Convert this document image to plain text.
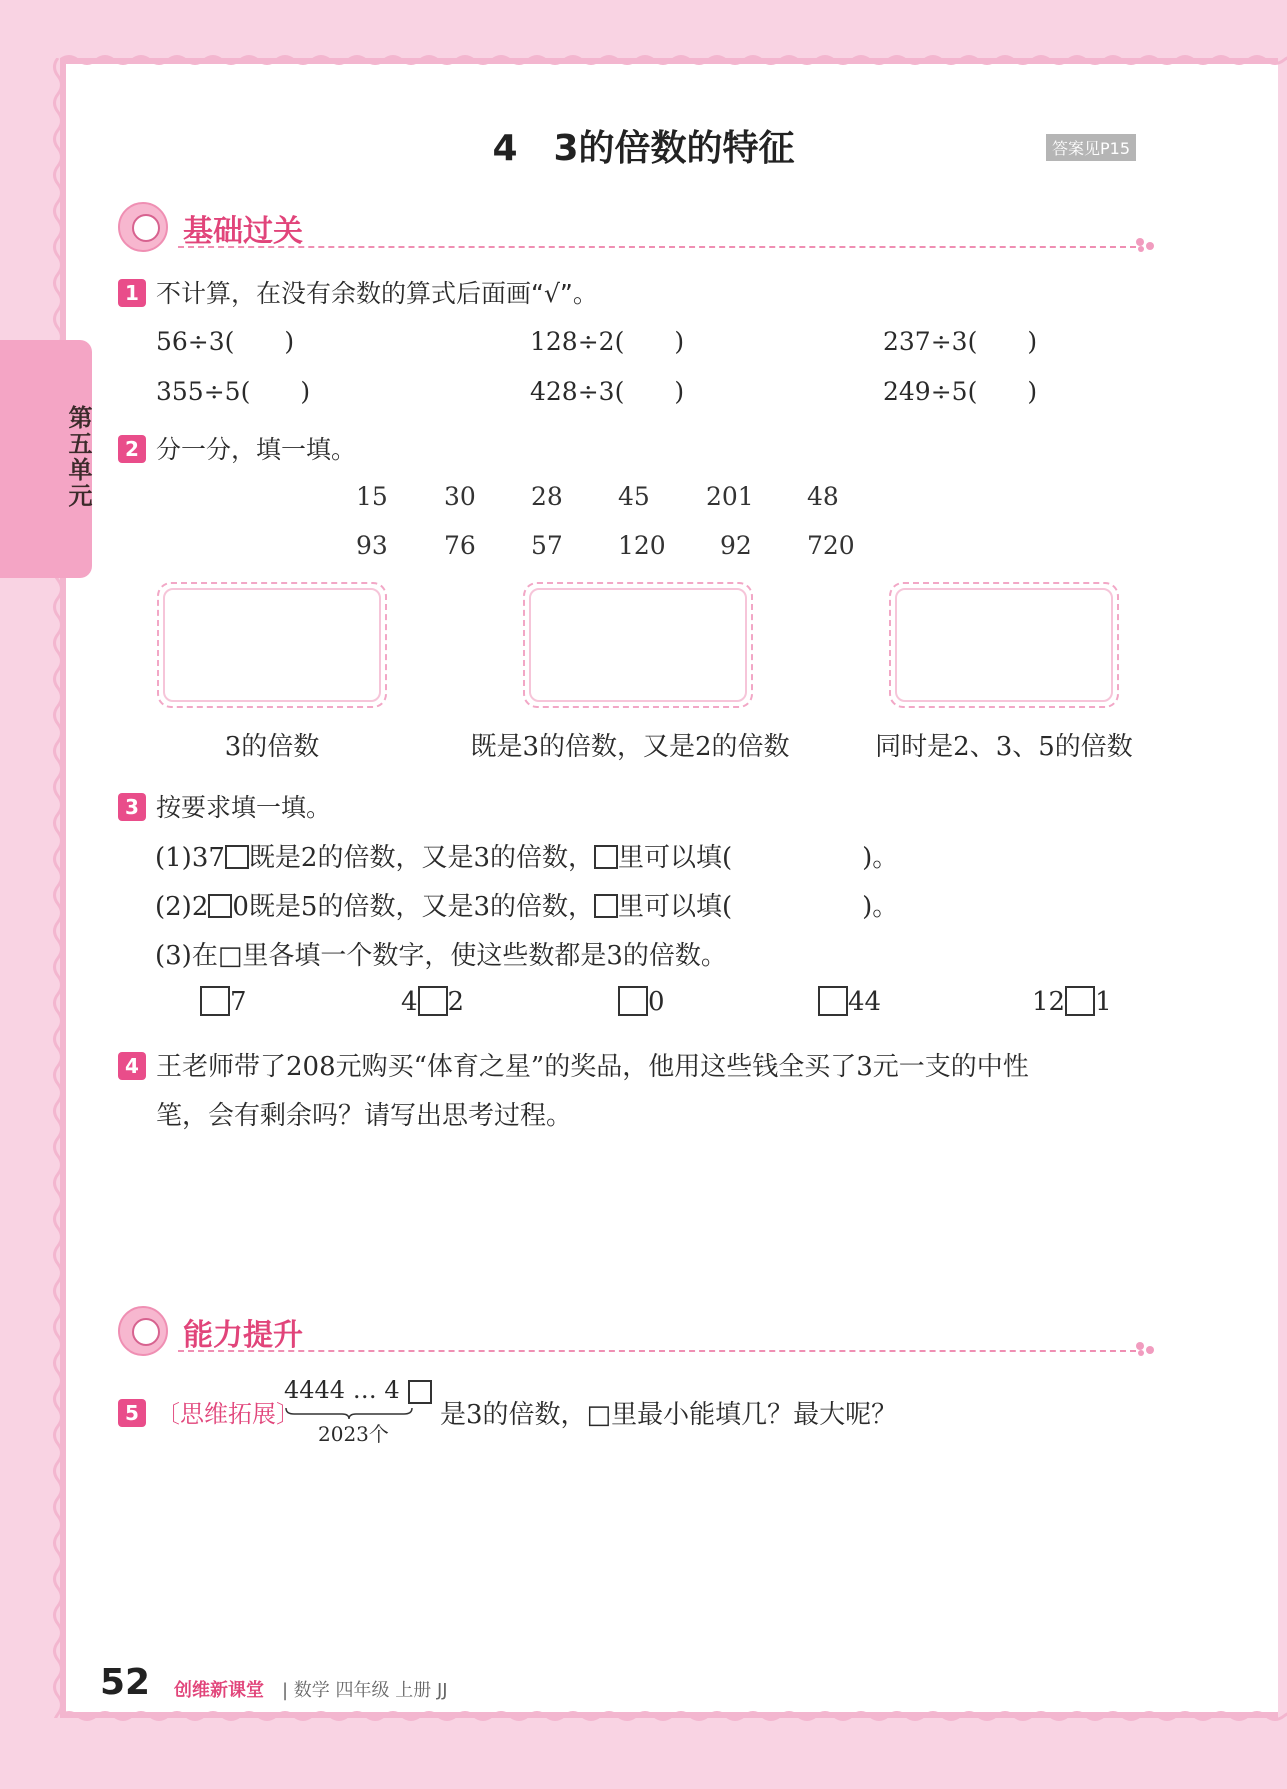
第五单元
4　3的倍数的特征	答案见P15
基础过关
1 不计算，在没有余数的算式后面画“√”。
56÷3(　　)	128÷2(　　)	237÷3(　　)
355÷5(　　)	428÷3(　　)	249÷5(　　)
2 分一分，填一填。
15 30 28 45 201 48
93 76 57 120 92 720
3的倍数	既是3的倍数，又是2的倍数	同时是2、3、5的倍数
3 按要求填一填。
(1)37 既是2的倍数，又是3的倍数， 里可以填(　　　　　)。
(2)2 0既是5的倍数，又是3的倍数， 里可以填(　　　　　)。
(3)在□里各填一个数字，使这些数都是3的倍数。
7	4 2	0	44	12 1
4 王老师带了208元购买“体育之星”的奖品，他用这些钱全买了3元一支的中性
笔，会有剩余吗？请写出思考过程。
能力提升
5 〔思维拓展〕
4444 … 4
2023个
是3的倍数，□里最小能填几？最大呢？
52 创维新课堂 | 数学 四年级 上册 JJ
